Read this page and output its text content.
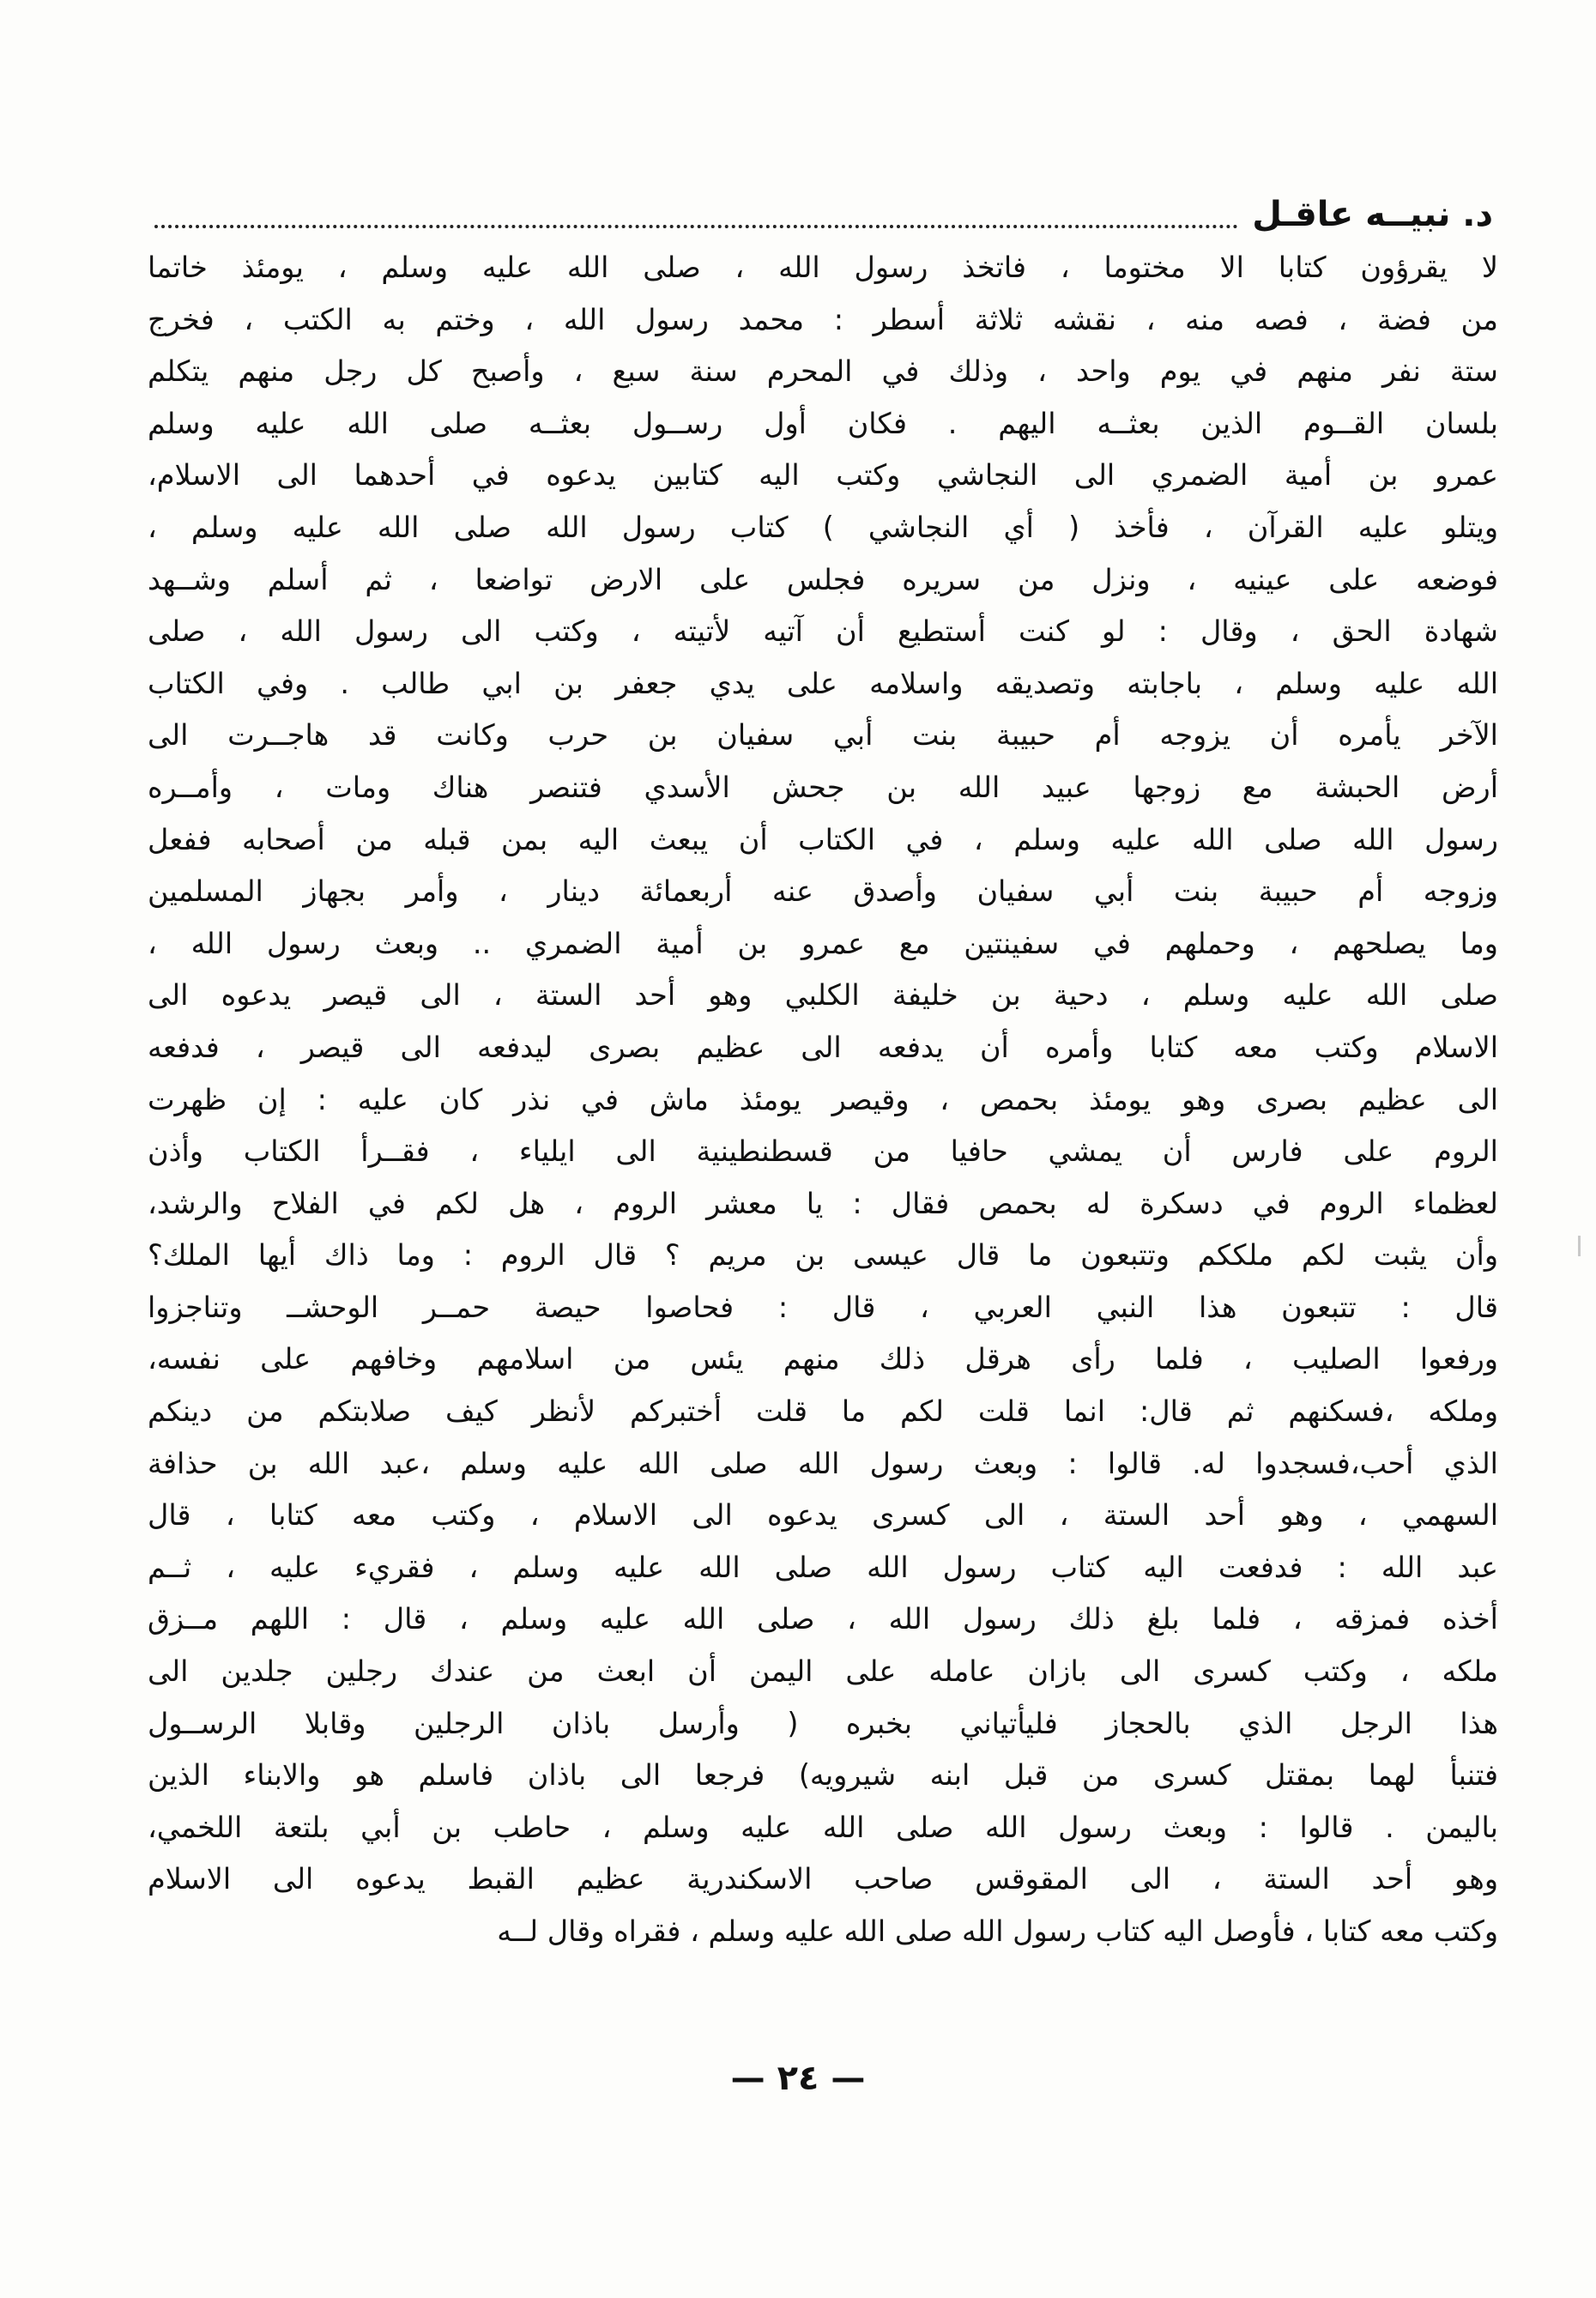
د. نبيــه عاقـل
لا يقرؤون كتابا الا مختوما ، فاتخذ رسول الله ، صلى الله عليه وسلم ، يومئذ خاتما
من فضة ، فصه منه ، نقشه ثلاثة أسطر : محمد رسول الله ، وختم به الكتب ، فخرج
ستة نفر منهم في يوم واحد ، وذلك في المحرم سنة سبع ، وأصبح كل رجل منهم يتكلم
بلسان القــوم الذين بعثــه اليهم . فكان أول رســول بعثــه صلى الله عليه وسلم
عمرو بن أمية الضمري الى النجاشي وكتب اليه كتابين يدعوه في أحدهما الى الاسلام،
ويتلو عليه القرآن ، فأخذ ( أي النجاشي ) كتاب رسول الله صلى الله عليه وسلم ،
فوضعه على عينيه ، ونزل من سريره فجلس على الارض تواضعا ، ثم أسلم وشــهد
شهادة الحق ، وقال : لو كنت أستطيع أن آتيه لأتيته ، وكتب الى رسول الله ، صلى
الله عليه وسلم ، باجابته وتصديقه واسلامه على يدي جعفر بن ابي طالب . وفي الكتاب
الآخر يأمره أن يزوجه أم حبيبة بنت أبي سفيان بن حرب وكانت قد هاجــرت الى
أرض الحبشة مع زوجها عبيد الله بن جحش الأسدي فتنصر هناك ومات ، وأمــره
رسول الله صلى الله عليه وسلم ، في الكتاب أن يبعث اليه بمن قبله من أصحابه ففعل
وزوجه أم حبيبة بنت أبي سفيان وأصدق عنه أربعمائة دينار ، وأمر بجهاز المسلمين
وما يصلحهم ، وحملهم في سفينتين مع عمرو بن أمية الضمري .. وبعث رسول الله ،
صلى الله عليه وسلم ، دحية بن خليفة الكلبي وهو أحد الستة ، الى قيصر يدعوه الى
الاسلام وكتب معه كتابا وأمره أن يدفعه الى عظيم بصرى ليدفعه الى قيصر ، فدفعه
الى عظيم بصرى وهو يومئذ بحمص ، وقيصر يومئذ ماش في نذر كان عليه : إن ظهرت
الروم على فارس أن يمشي حافيا من قسطنطينية الى ايلياء ، فقــرأ الكتاب وأذن
لعظماء الروم في دسكرة له بحمص فقال : يا معشر الروم ، هل لكم في الفلاح والرشد،
وأن يثبت لكم ملككم وتتبعون ما قال عيسى بن مريم ؟ قال الروم : وما ذاك أيها الملك؟
قال : تتبعون هذا النبي العربي ، قال : فحاصوا حيصة حمــر الوحشــ وتناجزوا
ورفعوا الصليب ، فلما رأى هرقل ذلك منهم يئس من اسلامهم وخافهم على نفسه،
وملكه ،فسكنهم ثم قال: انما قلت لكم ما قلت أختبركم لأنظر كيف صلابتكم من دينكم
الذي أحب،فسجدوا له. قالوا : وبعث رسول الله صلى الله عليه وسلم ،عبد الله بن حذافة
السهمي ، وهو أحد الستة ، الى كسرى يدعوه الى الاسلام ، وكتب معه كتابا ، قال
عبد الله : فدفعت اليه كتاب رسول الله صلى الله عليه وسلم ، فقريء عليه ، ثــم
أخذه فمزقه ، فلما بلغ ذلك رسول الله ، صلى الله عليه وسلم ، قال : اللهم مــزق
ملكه ، وكتب كسرى الى بازان عامله على اليمن أن ابعث من عندك رجلين جلدين الى
هذا الرجل الذي بالحجاز فليأتياني بخبره ( وأرسل باذان الرجلين وقابلا الرســول
فتنبأ لهما بمقتل كسرى من قبل ابنه شيرويه) فرجعا الى باذان فاسلم هو والابناء الذين
باليمن . قالوا : وبعث رسول الله صلى الله عليه وسلم ، حاطب بن أبي بلتعة اللخمي،
وهو أحد الستة ، الى المقوقس صاحب الاسكندرية عظيم القبط يدعوه الى الاسلام
وكتب معه كتابا ، فأوصل اليه كتاب رسول الله صلى الله عليه وسلم ، فقراه وقال لــه
— ٢٤ —
